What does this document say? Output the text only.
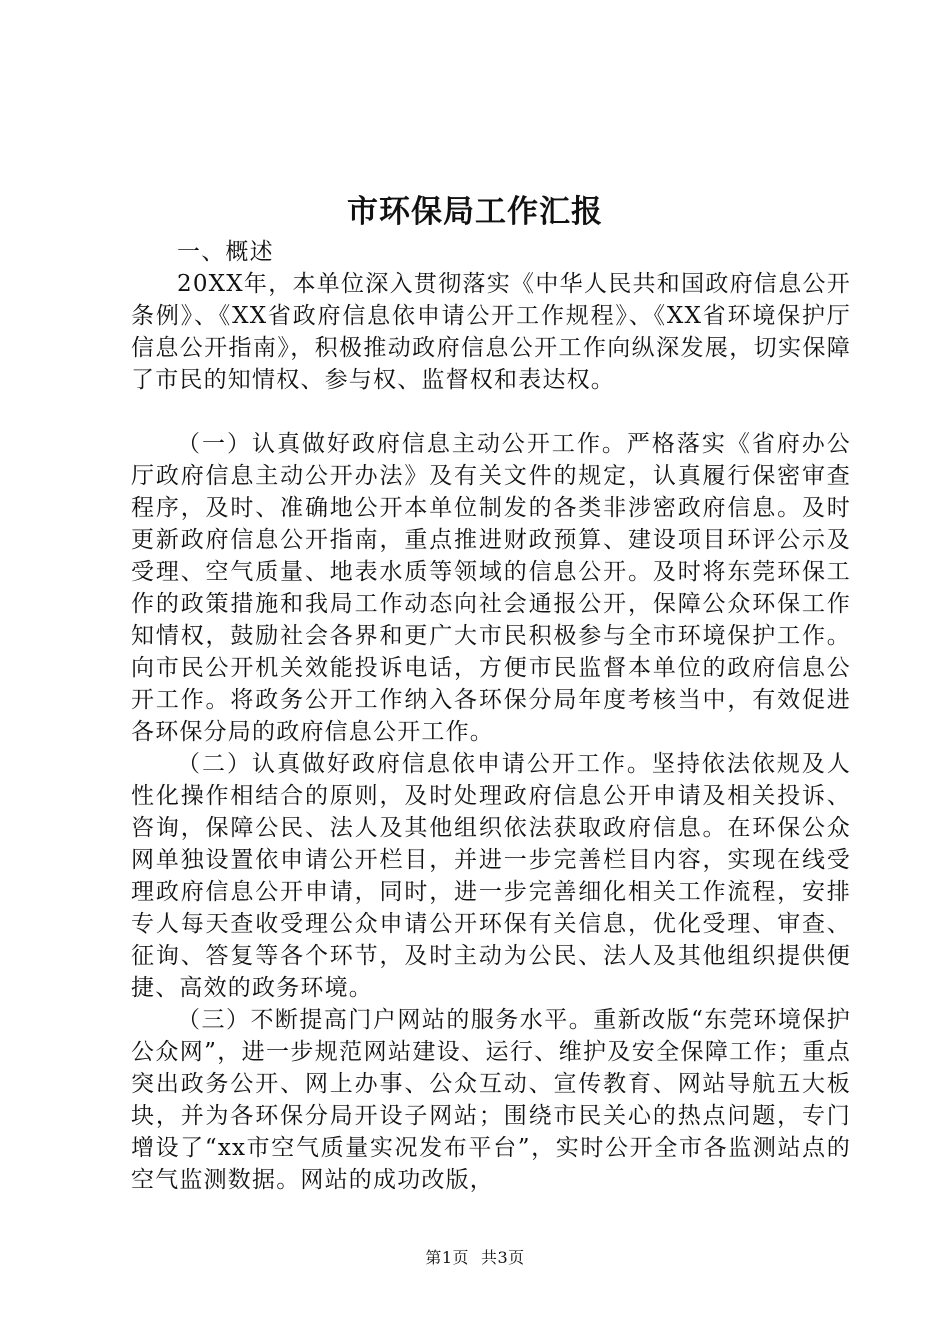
市环保局工作汇报

一、概述

20XX年，本单位深入贯彻落实《中华人民共和国政府信息公开条例》、《XX省政府信息依申请公开工作规程》、《XX省环境保护厅信息公开指南》，积极推动政府信息公开工作向纵深发展，切实保障了市民的知情权、参与权、监督权和表达权。

（一）认真做好政府信息主动公开工作。严格落实《省府办公厅政府信息主动公开办法》及有关文件的规定，认真履行保密审查程序，及时、准确地公开本单位制发的各类非涉密政府信息。及时更新政府信息公开指南，重点推进财政预算、建设项目环评公示及受理、空气质量、地表水质等领域的信息公开。及时将东莞环保工作的政策措施和我局工作动态向社会通报公开，保障公众环保工作知情权，鼓励社会各界和更广大市民积极参与全市环境保护工作。向市民公开机关效能投诉电话，方便市民监督本单位的政府信息公开工作。将政务公开工作纳入各环保分局年度考核当中，有效促进各环保分局的政府信息公开工作。

（二）认真做好政府信息依申请公开工作。坚持依法依规及人性化操作相结合的原则，及时处理政府信息公开申请及相关投诉、咨询，保障公民、法人及其他组织依法获取政府信息。在环保公众网单独设置依申请公开栏目，并进一步完善栏目内容，实现在线受理政府信息公开申请，同时，进一步完善细化相关工作流程，安排专人每天查收受理公众申请公开环保有关信息，优化受理、审查、征询、答复等各个环节，及时主动为公民、法人及其他组织提供便捷、高效的政务环境。

（三）不断提高门户网站的服务水平。重新改版“东莞环境保护公众网”，进一步规范网站建设、运行、维护及安全保障工作；重点突出政务公开、网上办事、公众互动、宣传教育、网站导航五大板块，并为各环保分局开设子网站；围绕市民关心的热点问题，专门增设了“xx市空气质量实况发布平台”，实时公开全市各监测站点的空气监测数据。网站的成功改版，

第1页 共3页
